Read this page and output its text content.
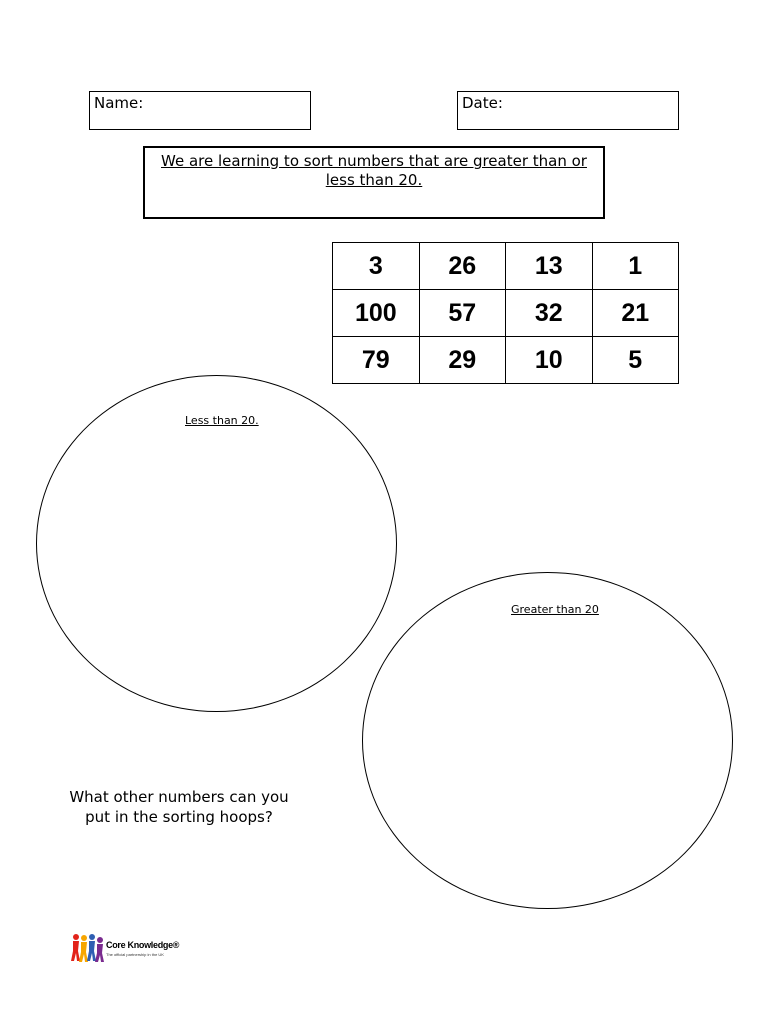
Name:	Date:
We are learning to sort numbers that are greater than or less than 20.
3	26	13	1
100	57	32	21
79	29	10	5
Less than 20.
Greater than 20
What other numbers can you put in the sorting hoops?
Core Knowledge®
The official partnership in the UK
